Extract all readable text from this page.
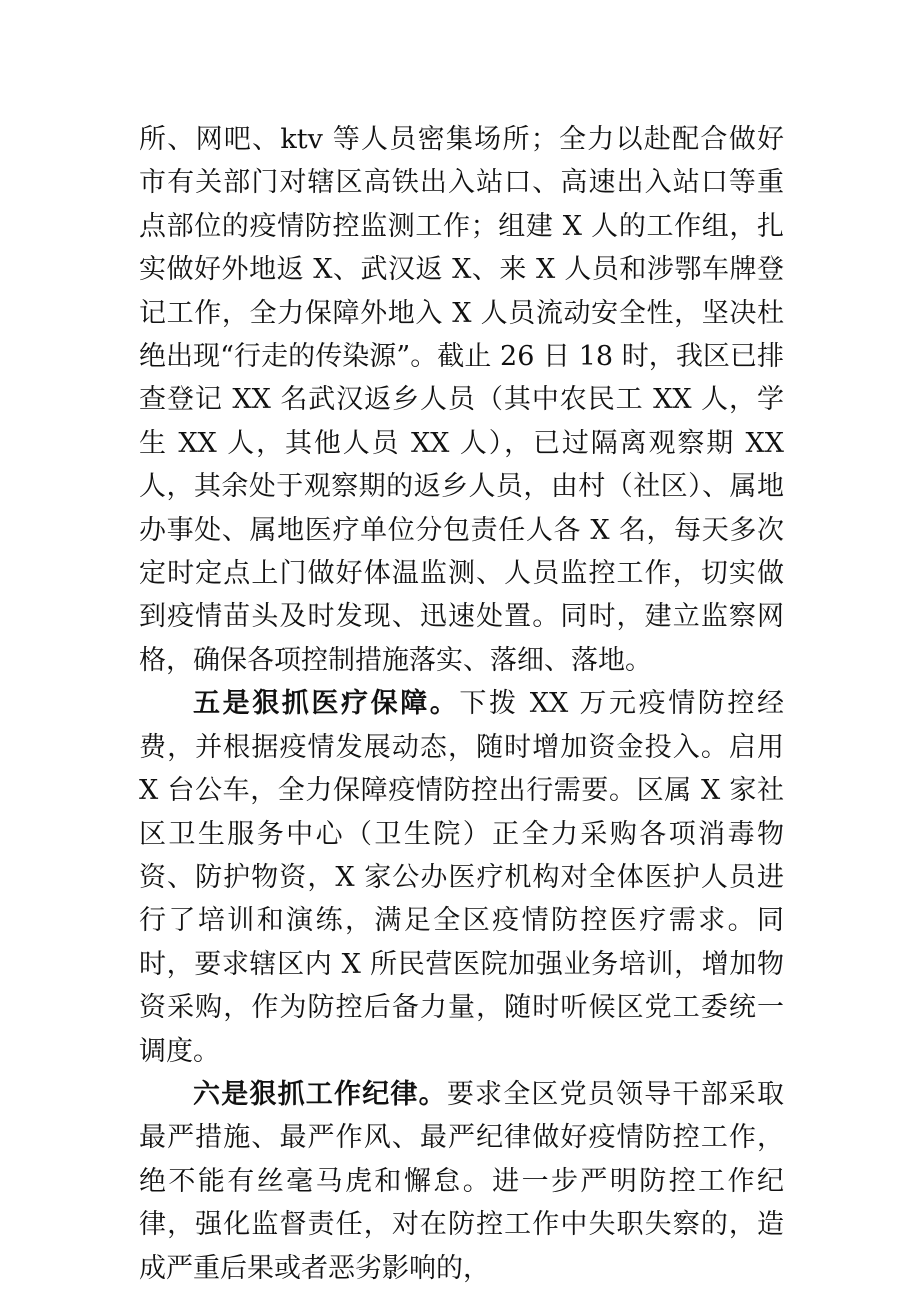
所、网吧、ktv 等人员密集场所；全力以赴配合做好市有关部门对辖区高铁出入站口、高速出入站口等重点部位的疫情防控监测工作；组建 X 人的工作组，扎实做好外地返 X、武汉返 X、来 X 人员和涉鄂车牌登记工作，全力保障外地入 X 人员流动安全性，坚决杜绝出现“行走的传染源”。截止 26 日 18 时，我区已排查登记 XX 名武汉返乡人员（其中农民工 XX 人，学生 XX 人，其他人员 XX 人），已过隔离观察期 XX 人，其余处于观察期的返乡人员，由村（社区）、属地办事处、属地医疗单位分包责任人各 X 名，每天多次定时定点上门做好体温监测、人员监控工作，切实做到疫情苗头及时发现、迅速处置。同时，建立监察网格，确保各项控制措施落实、落细、落地。

五是狠抓医疗保障。下拨 XX 万元疫情防控经费，并根据疫情发展动态，随时增加资金投入。启用 X 台公车，全力保障疫情防控出行需要。区属 X 家社区卫生服务中心（卫生院）正全力采购各项消毒物资、防护物资，X 家公办医疗机构对全体医护人员进行了培训和演练，满足全区疫情防控医疗需求。同时，要求辖区内 X 所民营医院加强业务培训，增加物资采购，作为防控后备力量，随时听候区党工委统一调度。

六是狠抓工作纪律。要求全区党员领导干部采取最严措施、最严作风、最严纪律做好疫情防控工作，绝不能有丝毫马虎和懈怠。进一步严明防控工作纪律，强化监督责任，对在防控工作中失职失察的，造成严重后果或者恶劣影响的，
